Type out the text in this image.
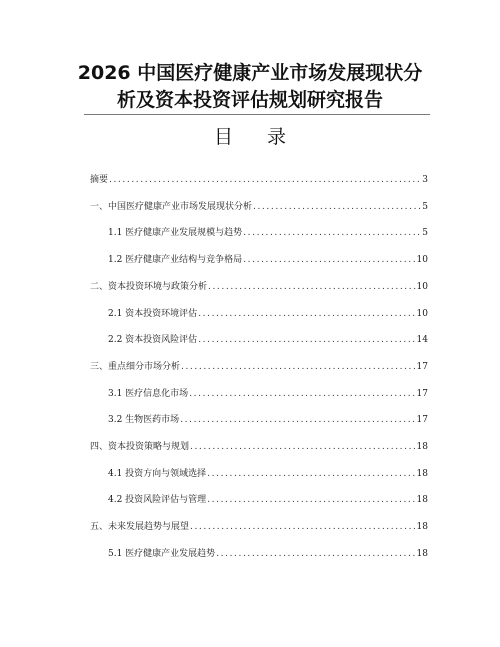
2026 中国医疗健康产业市场发展现状分
析及资本投资评估规划研究报告
目 录
摘要 .....	3
一、中国医疗健康产业市场发展现状分析 .....	5
1.1 医疗健康产业发展规模与趋势 .....	5
1.2 医疗健康产业结构与竞争格局 .....	10
二、资本投资环境与政策分析 .....	10
2.1 资本投资环境评估 .....	10
2.2 资本投资风险评估 .....	14
三、重点细分市场分析 .....	17
3.1 医疗信息化市场 .....	17
3.2 生物医药市场 .....	17
四、资本投资策略与规划 .....	18
4.1 投资方向与领域选择 .....	18
4.2 投资风险评估与管理 .....	18
五、未来发展趋势与展望 .....	18
5.1 医疗健康产业发展趋势 .....	18
